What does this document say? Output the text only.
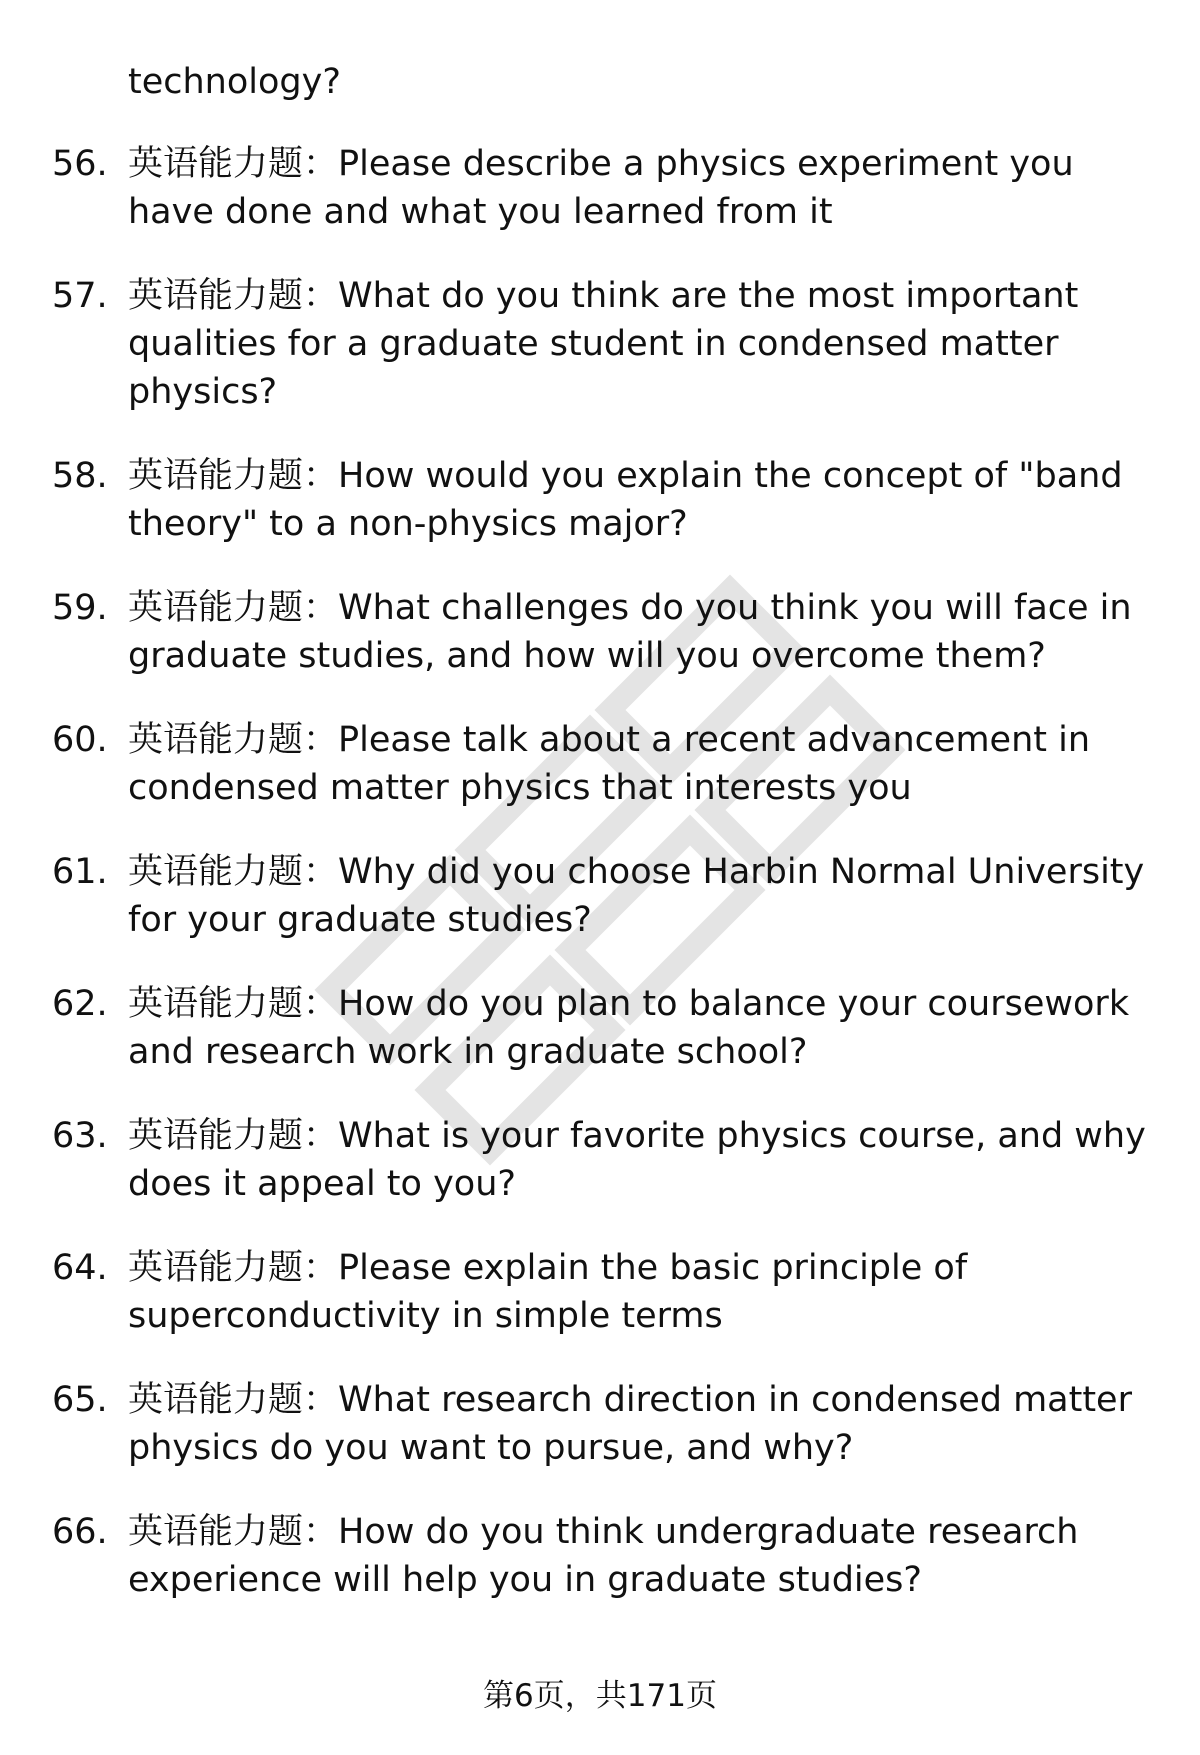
technology?

56. 英语能力题：Please describe a physics experiment you have done and what you learned from it
57. 英语能力题：What do you think are the most important qualities for a graduate student in condensed matter physics?
58. 英语能力题：How would you explain the concept of "band theory" to a non-physics major?
59. 英语能力题：What challenges do you think you will face in graduate studies, and how will you overcome them?
60. 英语能力题：Please talk about a recent advancement in condensed matter physics that interests you
61. 英语能力题：Why did you choose Harbin Normal University for your graduate studies?
62. 英语能力题：How do you plan to balance your coursework and research work in graduate school?
63. 英语能力题：What is your favorite physics course, and why does it appeal to you?
64. 英语能力题：Please explain the basic principle of superconductivity in simple terms
65. 英语能力题：What research direction in condensed matter physics do you want to pursue, and why?
66. 英语能力题：How do you think undergraduate research experience will help you in graduate studies?
第6页，共171页
